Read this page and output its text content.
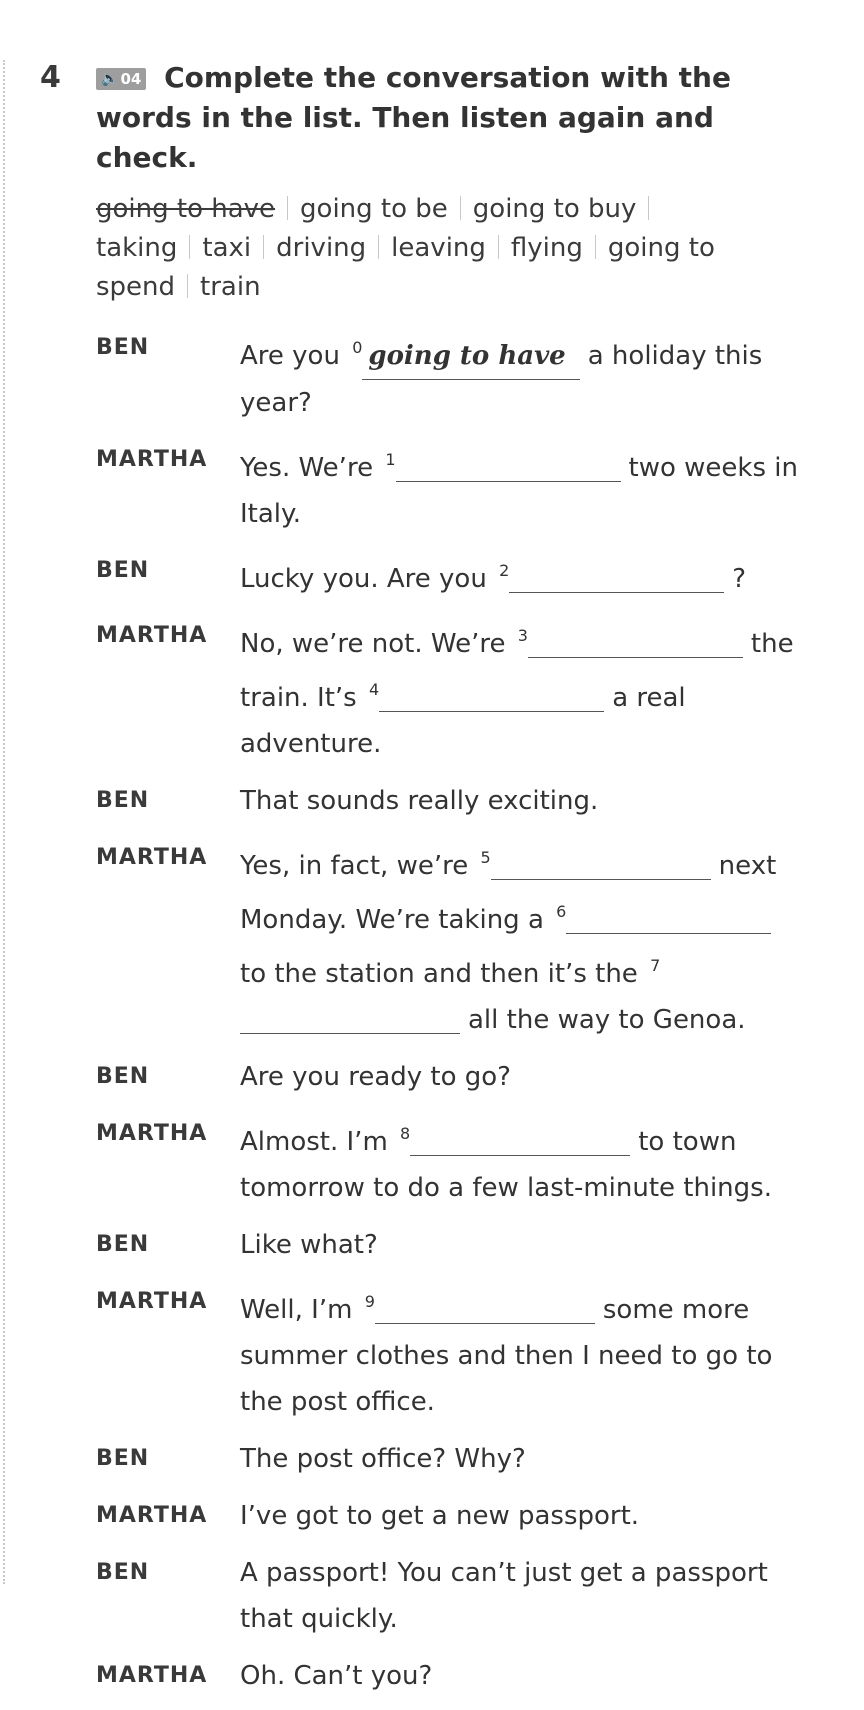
4	🔈 04 Complete the conversation with the words in the list. Then listen again and check.
going to have going to be going to buytaking taxi driving leaving flying going to spend train
BEN	Are you $^0$ going to have a holiday this year?
MARTHA	Yes. We’re $^1$	two weeks in Italy.
BEN	Lucky you. Are you $^2$	?
MARTHA	No, we’re not. We’re $^3$	the train. It’s $^4$	a real adventure.
BEN	That sounds really exciting.
MARTHA	Yes, in fact, we’re $^5$	next Monday. We’re taking a $^6$to the station and then it’s the $^7$all the way to Genoa.
BEN	Are you ready to go?
MARTHA	Almost. I’m $^8$	to town tomorrow to do a few last-minute things.
BEN	Like what?
MARTHA	Well, I’m $^9$	some more summer clothes and then I need to go to the post office.
BEN	The post office? Why?
MARTHA	I’ve got to get a new passport.
BEN	A passport! You can’t just get a passport that quickly.
MARTHA	Oh. Can’t you?
